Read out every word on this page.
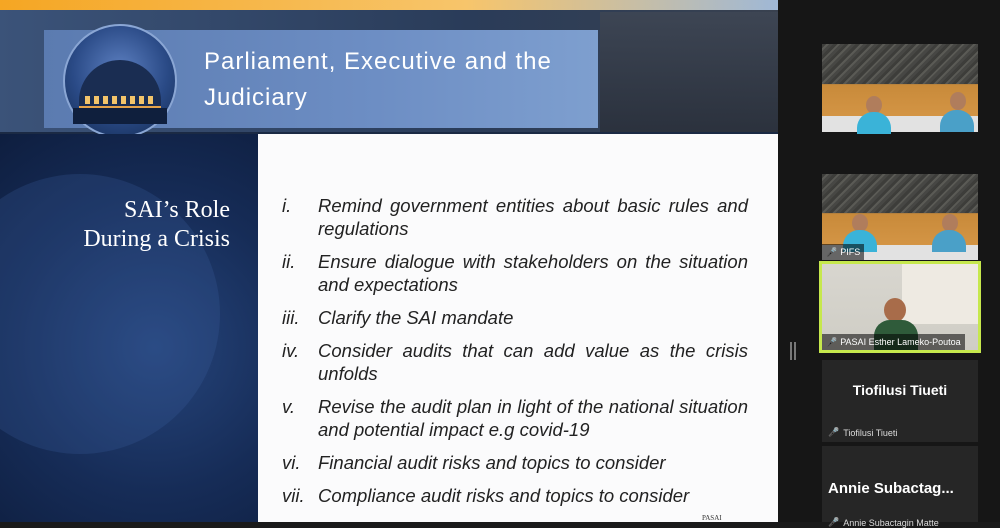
Parliament, Executive and the Judiciary
SAI’s Role
During a Crisis
i.	Remind government entities about basic rules and regulations
ii.	Ensure dialogue with stakeholders on the situation and expectations
iii.	Clarify the SAI mandate
iv.	Consider audits that can add value as the crisis unfolds
v.	Revise the audit plan in light of the national situation and potential impact e.g covid-19
vi. Financial audit risks and topics to consider
vii. Compliance audit risks and topics to consider
PASAI
🎤 PIFS
🎤 PASAI Esther Lameko-Poutoa
Tiofilusi Tiueti
🎤 Tiofilusi Tiueti
Annie Subactag...
🎤 Annie Subactagin Matte
